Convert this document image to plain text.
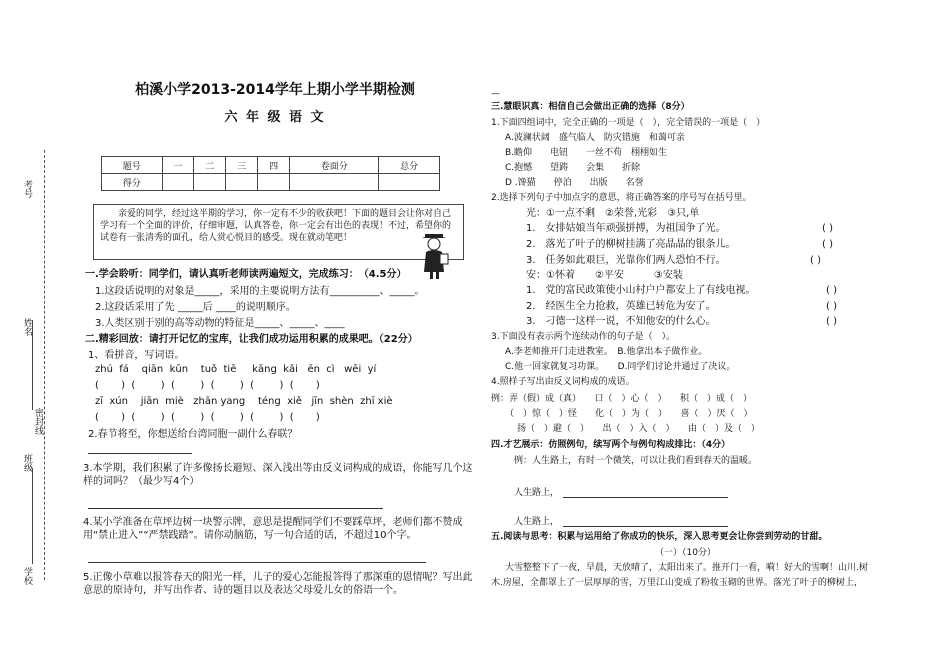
考号
姓名
密封线
班级
学校
柏溪小学2013-2014学年上期小学半期检测
六 年 级 语 文
题号	一	二	三	四	卷面分	总分
得分						
亲爱的同学，经过这半期的学习，你一定有不少的收获吧！下面的题目会让你对自己学习有一个全面的评价，仔细审题，认真答卷，你一定会有出色的表现！不过，希望你的试卷有一张清秀的面孔，给人赏心悦目的感受。现在就动笔吧！
一.学会聆听：同学们，请认真听老师读两遍短文，完成练习：　（4.5分）
1.这段话说明的对象是_____，采用的主要说明方法有__________、_____。
2.这段话采用了先 _____后 ____的说明顺序。
3.人类区别于别的高等动物的特征是_____、_____、____
二.精彩回放：请打开记忆的宝库，让我们成功运用积累的成果吧。（22分）
1、看拼音，写词语。
zhú  fá    qiān  kūn    tuǒ  tiē     kāng  kǎi   ēn  cì   wēi  yí
(       )  (        )  (        )  (        )  (        )  (       )
zī  xún    jiān  miè   zhān yang    téng  xiě   jīn  shèn  zhī xiè
(       )  (        )  (        )  (        )  (        )  (       )
2.春节将至，你想送给台湾同胞一副什么春联？
3.本学期，我们积累了许多像扬长避短、深入浅出等由反义词构成的成语，你能写几个这样的词吗？（最少写4个）
4.某小学准备在草坪边树一块警示牌，意思是提醒同学们不要踩草坪，老师们都不赞成用“禁止进入”“严禁践踏”。请你动脑筋，写一句合适的话，不超过10个字。
5.正像小草难以报答春天的阳光一样，儿子的爱心怎能报答得了那深重的恩情呢？写出此意思的原诗句，并写出作者、诗的题目以及表达父母爱儿女的俗语一个。
—
三.慧眼识真：相信自己会做出正确的选择（8分）
1.下面四组词中，完全正确的一项是（　），完全错误的一项是（　）
A.波澜状阔　盛气临人　防灾错施　和蔼可亲
B.瞻仰　　电钮　　一丝不苟　栩栩如生
C.抱憾　　望踌　　会集　　折除
D .馋猫　　停泊　　出版　　名誉
2.选择下列句子中加点字的意思，将正确答案的序号写在括号里。
光：①一点不剩　②荣誉,光彩　③只,单
1.　女排姑娘当年顽强拼搏，为祖国争了光。	( )
2.　落光了叶子的柳树挂满了亮晶晶的银条儿。	( )
3.　任务如此艰巨，光靠你们两人恐怕不行。	( )
安：①怀着　　②平安　　　③安装
1.　党的富民政策使小山村户户都安上了有线电视。	( )
2.　经医生全力抢救，英雄已转危为安了。	( )
3.　刁德一这样一说，不知他安的什么心。	( )
3.下面没有表示两个连续动作的句子是（　）。
A.李老师推开门走进教室。　B.他拿出本子做作业。
C.他一回家就复习功课。　　D.同学们讨论并通过了决议。
4.照样子写出由反义词构成的成语。
例：弄（假）成（真）　　口（　）心（　）　　积（　）成（　）
（　）惊（　）怪　　化（　）为（　）　　喜（　）厌（　）
扬（　）避（　）　　出（　）入（　）　　由（　）及（　）
四.才艺展示：仿照例句，续写两个与例句构成排比：（4分）
例：人生路上，有时一个微笑，可以让我们看到春天的温暖。
人生路上，
人生路上，
五.阅读与思考：积累与运用给了你成功的快乐，深入思考更会让你尝到劳动的甘甜。
（一）（10分）
大雪整整下了一夜，早晨，天放晴了，太阳出来了。推开门一看，嗬！好大的雪啊！山川.树
木.房屋，全都罩上了一层厚厚的雪，万里江山变成了粉妆玉砌的世界。落光了叶子的柳树上，
